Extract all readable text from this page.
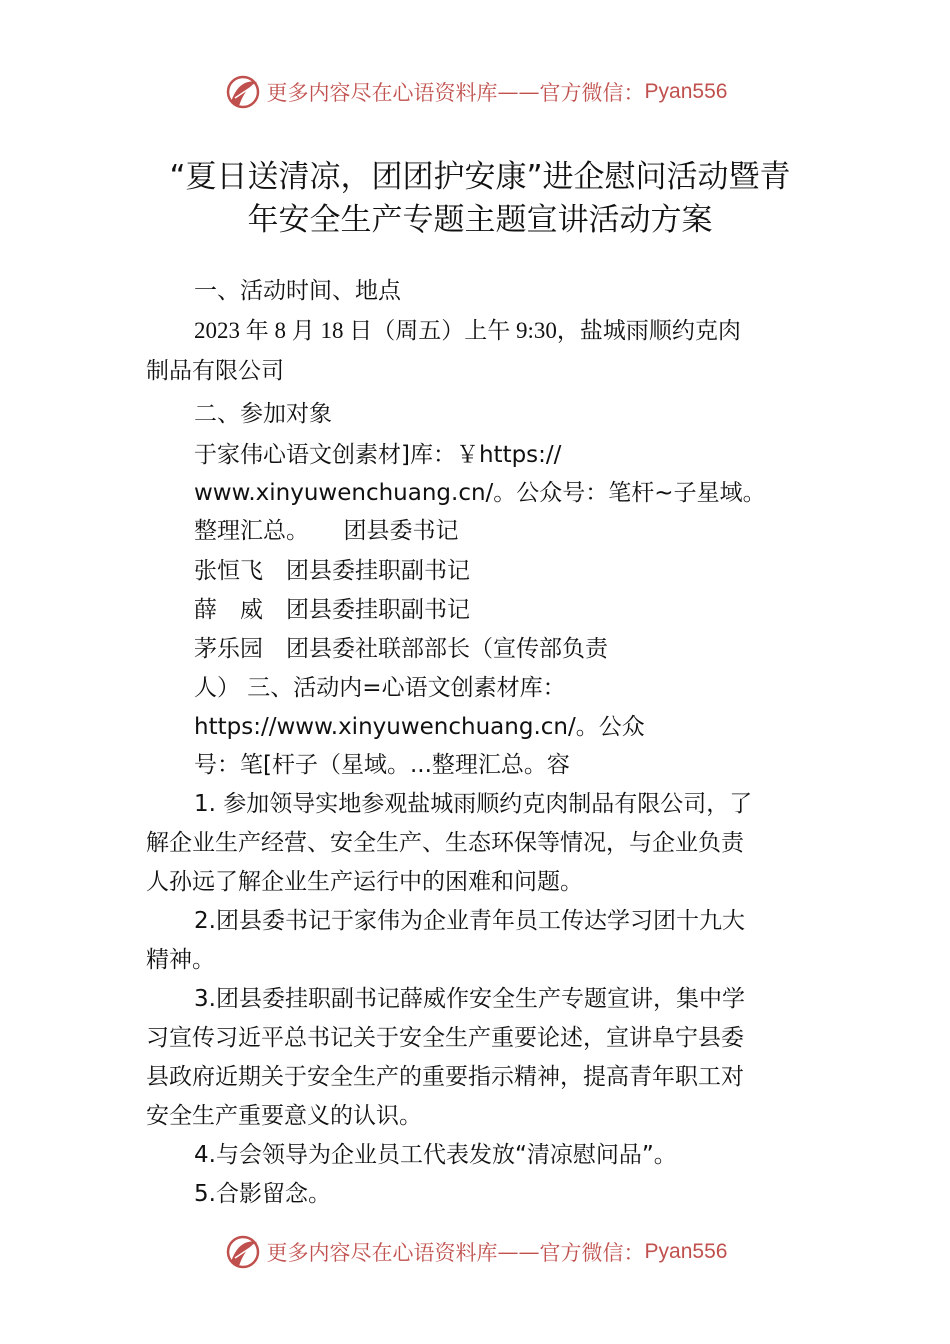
更多内容尽在心语资料库 —— 官方微信： Pyan556
“夏日送清凉，团团护安康”进企慰问活动暨青
年安全生产专题主题宣讲活动方案
一、活动时间、地点
2023 年 8 月 18 日（周五）上午 9:30，盐城雨顺约克肉
制品有限公司
二、参加对象
于家伟心语文创素材]库：￥https://
www.xinyuwenchuang.cn/。公众号：笔杆~子星域。
整理汇总。　　团县委书记
张恒飞　团县委挂职副书记
薛　威　团县委挂职副书记
茅乐园　团县委社联部部长（宣传部负责
人） 三、活动内=心语文创素材库：
https://www.xinyuwenchuang.cn/。公众
号：笔[杆子（星域。...整理汇总。容
1. 参加领导实地参观盐城雨顺约克肉制品有限公司，了
解企业生产经营、安全生产、生态环保等情况，与企业负责
人孙远了解企业生产运行中的困难和问题。
2.团县委书记于家伟为企业青年员工传达学习团十九大
精神。
3.团县委挂职副书记薛威作安全生产专题宣讲，集中学
习宣传习近平总书记关于安全生产重要论述，宣讲阜宁县委
县政府近期关于安全生产的重要指示精神，提高青年职工对
安全生产重要意义的认识。
4.与会领导为企业员工代表发放“清凉慰问品”。
5.合影留念。
更多内容尽在心语资料库 —— 官方微信： Pyan556
